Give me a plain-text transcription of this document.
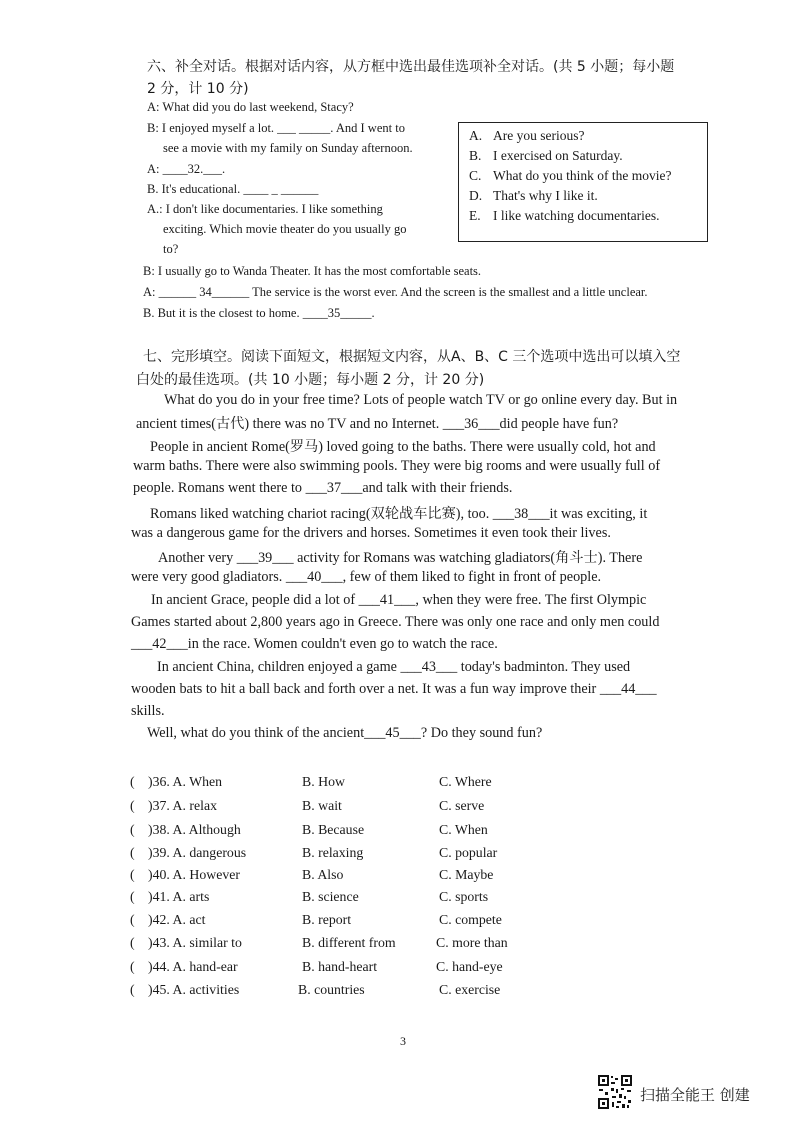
六、补全对话。根据对话内容，从方框中选出最佳选项补全对话。(共 5 小题；每小题
2 分，计 10 分)
A: What did you do last weekend, Stacy?
B: I enjoyed myself a lot. ___ _____. And I went to
see a movie with my family on Sunday afternoon.
A: ____32.___.
B. It's educational. ____ _ ______
A.: I don't like documentaries. I like something
exciting. Which movie theater do you usually go
to?
B: I usually go to Wanda Theater. It has the most comfortable seats.
A: ______ 34______ The service is the worst ever. And the screen is the smallest and a little unclear.
B. But it is the closest to home. ____35_____.
A. Are you serious?
B. I exercised on Saturday.
C. What do you think of the movie?
D. That's why I like it.
E. I like watching documentaries.
七、完形填空。阅读下面短文，根据短文内容，从A、B、C 三个选项中选出可以填入空
白处的最佳选项。(共 10 小题；每小题 2 分，计 20 分)
What do you do in your free time? Lots of people watch TV or go online every day. But in
ancient times(古代) there was no TV and no Internet. ___36___did people have fun?
People in ancient Rome(罗马) loved going to the baths. There were usually cold, hot and
warm baths. There were also swimming pools. They were big rooms and were usually full of
people. Romans went there to ___37___and talk with their friends.
Romans liked watching chariot racing(双轮战车比赛), too. ___38___it was exciting, it
was a dangerous game for the drivers and horses. Sometimes it even took their lives.
Another very ___39___ activity for Romans was watching gladiators(角斗士). There
were very good gladiators. ___40___, few of them liked to fight in front of people.
In ancient Grace, people did a lot of ___41___, when they were free. The first Olympic
Games started about 2,800 years ago in Greece. There was only one race and only men could
___42___in the race. Women couldn't even go to watch the race.
In ancient China, children enjoyed a game ___43___ today's badminton. They used
wooden bats to hit a ball back and forth over a net. It was a fun way improve their ___44___
skills.
Well, what do you think of the ancient___45___? Do they sound fun?
( )36. A. When	B. How	C. Where
( )37. A. relax	B. wait	C. serve
( )38. A. Although	B. Because	C. When
( )39. A. dangerous	B. relaxing	C. popular
( )40. A. However	B. Also	C. Maybe
( )41. A. arts	B. science	C. sports
( )42. A. act	B. report	C. compete
( )43. A. similar to	B. different from	C. more than
( )44. A. hand-ear	B. hand-heart	C. hand-eye
( )45. A. activities	B. countries	C. exercise
3
扫描全能王 创建
